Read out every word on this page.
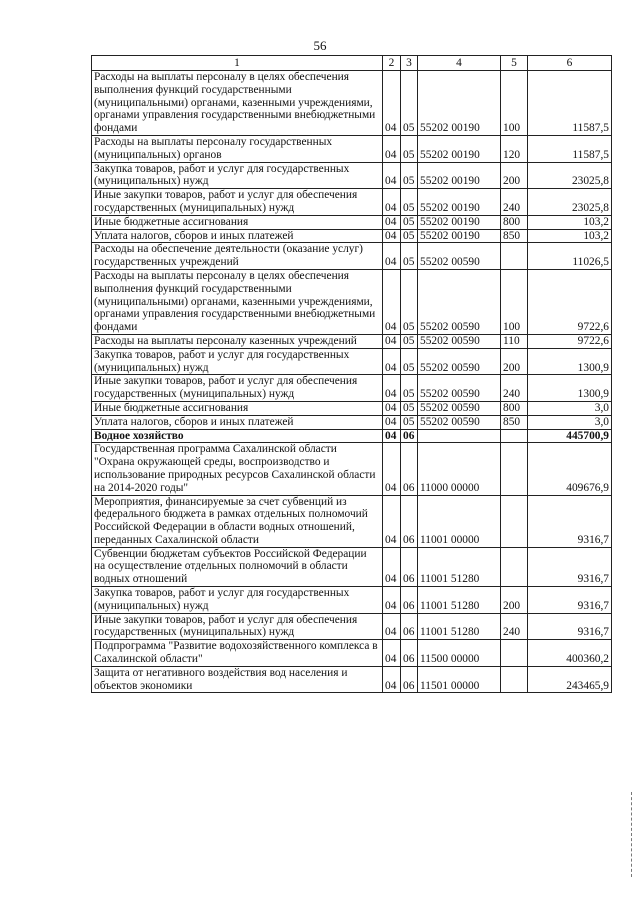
56
1	2	3	4	5	6
Расходы на выплаты персоналу в целях обеспечения выполнения функций государственными (муниципальными) органами, казенными учреждениями, органами управления государственными внебюджетными фондами	04	05	55202 00190	100	11587,5
Расходы на выплаты персоналу государственных (муниципальных) органов	04	05	55202 00190	120	11587,5
Закупка товаров, работ и услуг для государственных (муниципальных) нужд	04	05	55202 00190	200	23025,8
Иные закупки товаров, работ и услуг для обеспечения государственных (муниципальных) нужд	04	05	55202 00190	240	23025,8
Иные бюджетные ассигнования	04	05	55202 00190	800	103,2
Уплата налогов, сборов и иных платежей	04	05	55202 00190	850	103,2
Расходы на обеспечение деятельности (оказание услуг) государственных учреждений	04	05	55202 00590		11026,5
Расходы на выплаты персоналу в целях обеспечения выполнения функций государственными (муниципальными) органами, казенными учреждениями, органами управления государственными внебюджетными фондами	04	05	55202 00590	100	9722,6
Расходы на выплаты персоналу казенных учреждений	04	05	55202 00590	110	9722,6
Закупка товаров, работ и услуг для государственных (муниципальных) нужд	04	05	55202 00590	200	1300,9
Иные закупки товаров, работ и услуг для обеспечения государственных (муниципальных) нужд	04	05	55202 00590	240	1300,9
Иные бюджетные ассигнования	04	05	55202 00590	800	3,0
Уплата налогов, сборов и иных платежей	04	05	55202 00590	850	3,0
Водное хозяйство	04	06			445700,9
Государственная программа Сахалинской области "Охрана окружающей среды, воспроизводство и использование природных ресурсов Сахалинской области на 2014-2020 годы"	04	06	11000 00000		409676,9
Мероприятия, финансируемые за счет субвенций из федерального бюджета в рамках отдельных полномочий Российской Федерации в области водных отношений, переданных Сахалинской области	04	06	11001 00000		9316,7
Субвенции бюджетам субъектов Российской Федерации на осуществление отдельных полномочий в области водных отношений	04	06	11001 51280		9316,7
Закупка товаров, работ и услуг для государственных (муниципальных) нужд	04	06	11001 51280	200	9316,7
Иные закупки товаров, работ и услуг для обеспечения государственных (муниципальных) нужд	04	06	11001 51280	240	9316,7
Подпрограмма "Развитие водохозяйственного комплекса в Сахалинской области"	04	06	11500 00000		400360,2
Защита от негативного воздействия вод населения и объектов экономики	04	06	11501 00000		243465,9
